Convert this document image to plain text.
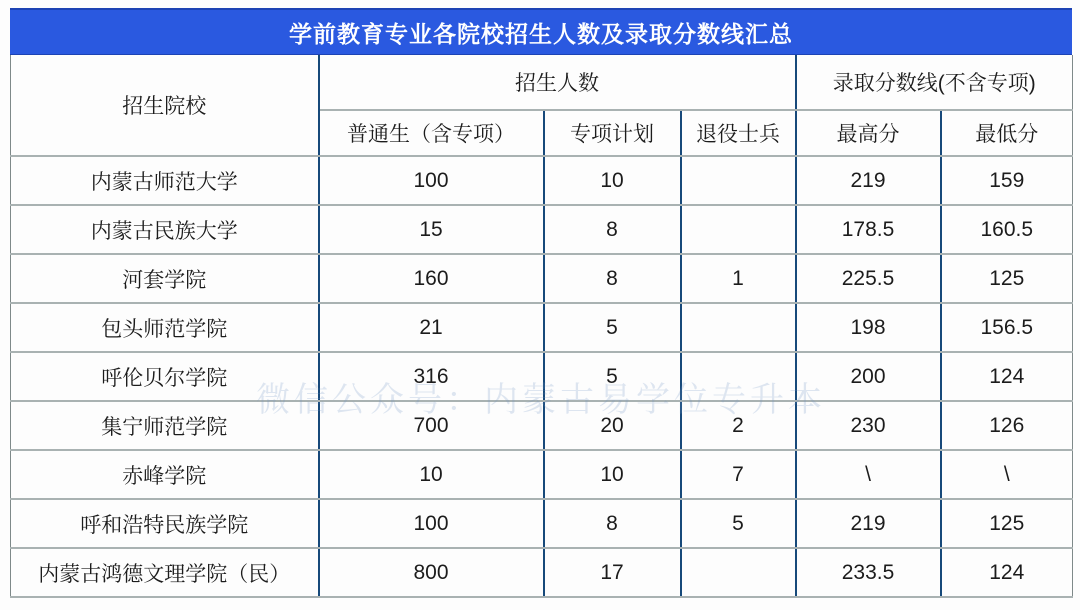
学前教育专业各院校招生人数及录取分数线汇总
招生院校	招生人数			录取分数线(不含专项)	
	普通生（含专项）	专项计划	退役士兵	最高分	最低分
内蒙古师范大学	100	10		219	159
内蒙古民族大学	15	8		178.5	160.5
河套学院	160	8	1	225.5	125
包头师范学院	21	5		198	156.5
呼伦贝尔学院	316	5		200	124
集宁师范学院	700	20	2	230	126
赤峰学院	10	10	7	\	\
呼和浩特民族学院	100	8	5	219	125
内蒙古鸿德文理学院（民）	800	17		233.5	124
微信公众号：内蒙古易学位专升本
